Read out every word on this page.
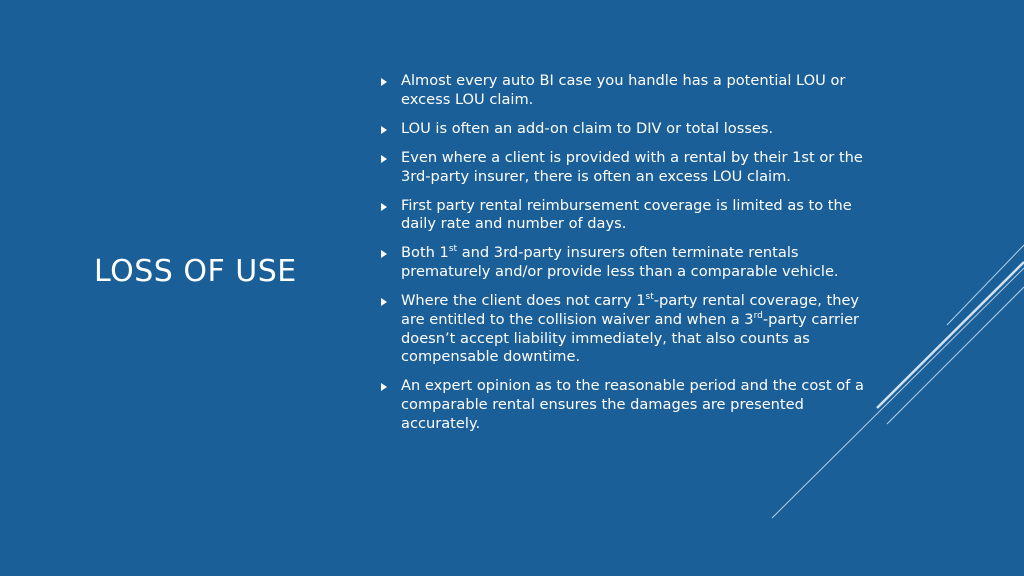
LOSS OF USE
Almost every auto BI case you handle has a potential LOU or excess LOU claim.
LOU is often an add-on claim to DIV or total losses.
Even where a client is provided with a rental by their 1st or the 3rd-party insurer, there is often an excess LOU claim.
First party rental reimbursement coverage is limited as to the daily rate and number of days.
Both 1st and 3rd-party insurers often terminate rentals prematurely and/or provide less than a comparable vehicle.
Where the client does not carry 1st-party rental coverage, they are entitled to the collision waiver and when a 3rd-party carrier doesn’t accept liability immediately, that also counts as compensable downtime.
An expert opinion as to the reasonable period and the cost of a comparable rental ensures the damages are presented accurately.
